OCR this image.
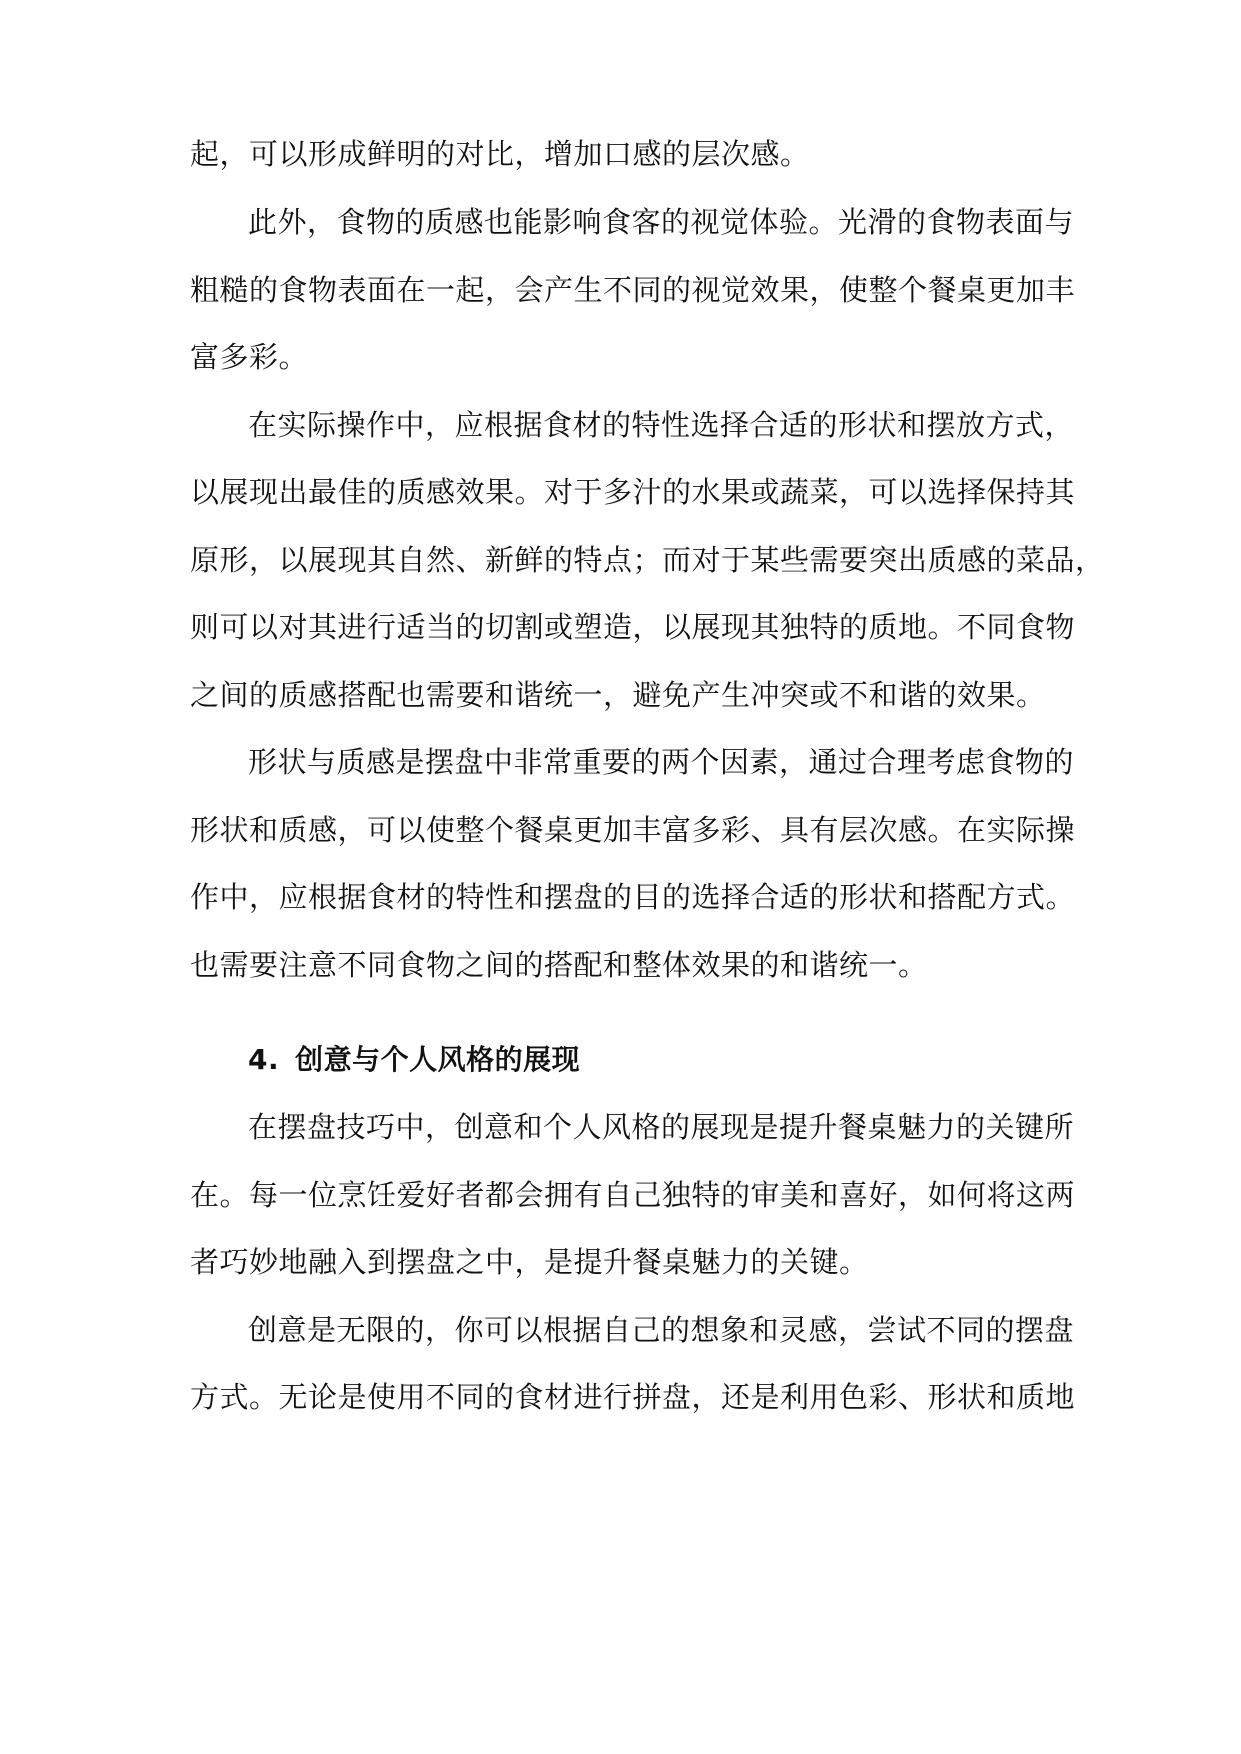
起，可以形成鲜明的对比，增加口感的层次感。
此外，食物的质感也能影响食客的视觉体验。光滑的食物表面与
粗糙的食物表面在一起，会产生不同的视觉效果，使整个餐桌更加丰
富多彩。
在实际操作中，应根据食材的特性选择合适的形状和摆放方式，
以展现出最佳的质感效果。对于多汁的水果或蔬菜，可以选择保持其
原形，以展现其自然、新鲜的特点；而对于某些需要突出质感的菜品，
则可以对其进行适当的切割或塑造，以展现其独特的质地。不同食物
之间的质感搭配也需要和谐统一，避免产生冲突或不和谐的效果。
形状与质感是摆盘中非常重要的两个因素，通过合理考虑食物的
形状和质感，可以使整个餐桌更加丰富多彩、具有层次感。在实际操
作中，应根据食材的特性和摆盘的目的选择合适的形状和搭配方式。
也需要注意不同食物之间的搭配和整体效果的和谐统一。
4. 创意与个人风格的展现
在摆盘技巧中，创意和个人风格的展现是提升餐桌魅力的关键所
在。每一位烹饪爱好者都会拥有自己独特的审美和喜好，如何将这两
者巧妙地融入到摆盘之中，是提升餐桌魅力的关键。
创意是无限的，你可以根据自己的想象和灵感，尝试不同的摆盘
方式。无论是使用不同的食材进行拼盘，还是利用色彩、形状和质地
